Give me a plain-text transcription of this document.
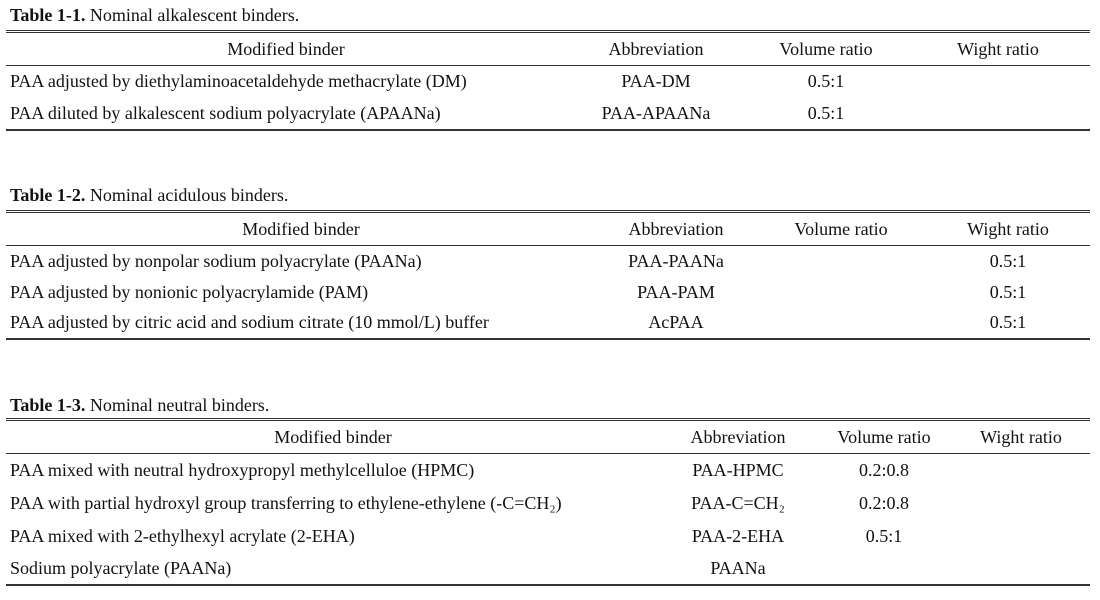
Table 1-1. Nominal alkalescent binders.
Modified binder	Abbreviation	Volume ratio	Wight ratio
PAA adjusted by diethylaminoacetaldehyde methacrylate (DM)	PAA-DM	0.5:1	
PAA diluted by alkalescent sodium polyacrylate (APAANa)	PAA-APAANa	0.5:1	
Table 1-2. Nominal acidulous binders.
Modified binder	Abbreviation	Volume ratio	Wight ratio
PAA adjusted by nonpolar sodium polyacrylate (PAANa)	PAA-PAANa		0.5:1
PAA adjusted by nonionic polyacrylamide (PAM)	PAA-PAM		0.5:1
PAA adjusted by citric acid and sodium citrate (10 mmol/L) buffer	AcPAA		0.5:1
Table 1-3. Nominal neutral binders.
Modified binder	Abbreviation	Volume ratio	Wight ratio
PAA mixed with neutral hydroxypropyl methylcelluloe (HPMC)	PAA-HPMC	0.2:0.8	
PAA with partial hydroxyl group transferring to ethylene-ethylene (-C=CH₂)	PAA-C=CH₂	0.2:0.8	
PAA mixed with 2-ethylhexyl acrylate (2-EHA)	PAA-2-EHA	0.5:1	
Sodium polyacrylate (PAANa)	PAANa		
